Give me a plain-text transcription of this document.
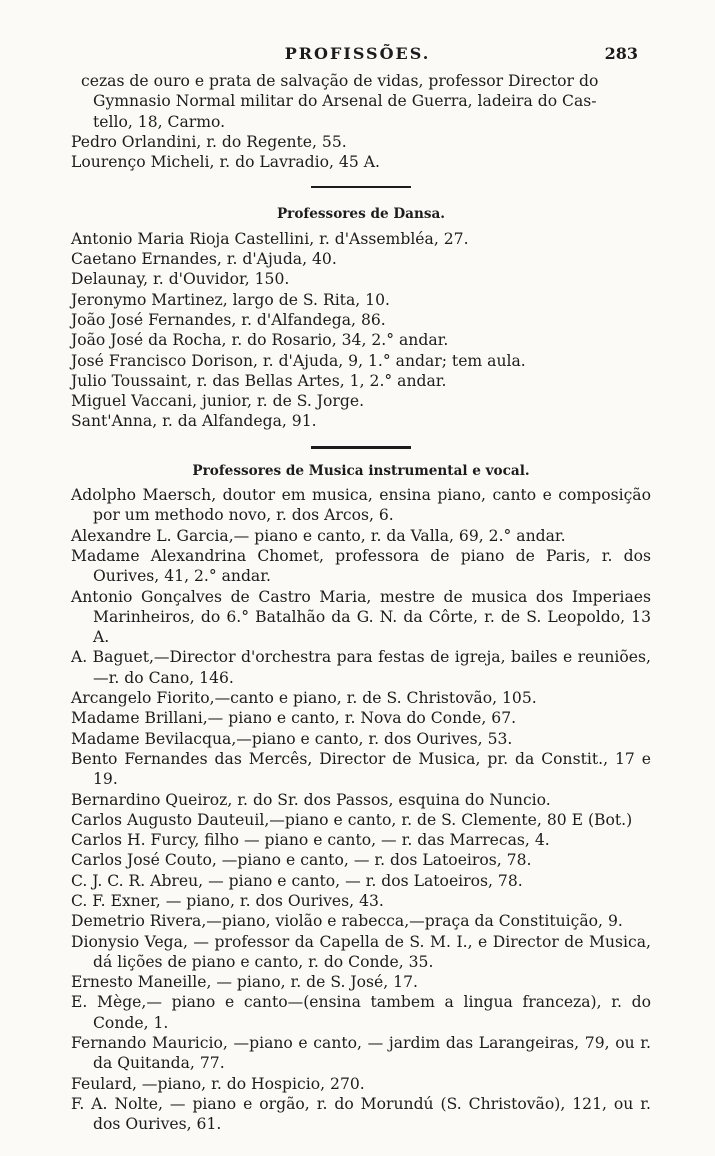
PROFISSÕES.	283

cezas de ouro e prata de salvação de vidas, professor Director do

Gymnasio Normal militar do Arsenal de Guerra, ladeira do Cas-

tello, 18, Carmo.

Pedro Orlandini, r. do Regente, 55.

Lourenço Micheli, r. do Lavradio, 45 A.

Professores de Dansa.

Antonio Maria Rioja Castellini, r. d'Assembléa, 27.

Caetano Ernandes, r. d'Ajuda, 40.

Delaunay, r. d'Ouvidor, 150.

Jeronymo Martinez, largo de S. Rita, 10.

João José Fernandes, r. d'Alfandega, 86.

João José da Rocha, r. do Rosario, 34, 2.° andar.

José Francisco Dorison, r. d'Ajuda, 9, 1.° andar; tem aula.

Julio Toussaint, r. das Bellas Artes, 1, 2.° andar.

Miguel Vaccani, junior, r. de S. Jorge.

Sant'Anna, r. da Alfandega, 91.

Professores de Musica instrumental e vocal.

Adolpho Maersch, doutor em musica, ensina piano, canto e composição por um methodo novo, r. dos Arcos, 6.

Alexandre L. Garcia,— piano e canto, r. da Valla, 69, 2.° andar.

Madame Alexandrina Chomet, professora de piano de Paris, r. dos Ourives, 41, 2.° andar.

Antonio Gonçalves de Castro Maria, mestre de musica dos Imperiaes Marinheiros, do 6.° Batalhão da G. N. da Côrte, r. de S. Leopoldo, 13 A.

A. Baguet,—Director d'orchestra para festas de igreja, bailes e reuniões,—r. do Cano, 146.

Arcangelo Fiorito,—canto e piano, r. de S. Christovão, 105.

Madame Brillani,— piano e canto, r. Nova do Conde, 67.

Madame Bevilacqua,—piano e canto, r. dos Ourives, 53.

Bento Fernandes das Mercês, Director de Musica, pr. da Constit., 17 e 19.

Bernardino Queiroz, r. do Sr. dos Passos, esquina do Nuncio.

Carlos Augusto Dauteuil,—piano e canto, r. de S. Clemente, 80 E (Bot.)

Carlos H. Furcy, filho — piano e canto, — r. das Marrecas, 4.

Carlos José Couto, —piano e canto, — r. dos Latoeiros, 78.

C. J. C. R. Abreu, — piano e canto, — r. dos Latoeiros, 78.

C. F. Exner, — piano, r. dos Ourives, 43.

Demetrio Rivera,—piano, violão e rabecca,—praça da Constituição, 9.

Dionysio Vega, — professor da Capella de S. M. I., e Director de Musica, dá lições de piano e canto, r. do Conde, 35.

Ernesto Maneille, — piano, r. de S. José, 17.

E. Mège,— piano e canto—(ensina tambem a lingua franceza), r. do Conde, 1.

Fernando Mauricio, —piano e canto, — jardim das Larangeiras, 79, ou r. da Quitanda, 77.

Feulard, —piano, r. do Hospicio, 270.

F. A. Nolte, — piano e orgão, r. do Morundú (S. Christovão), 121, ou r. dos Ourives, 61.
